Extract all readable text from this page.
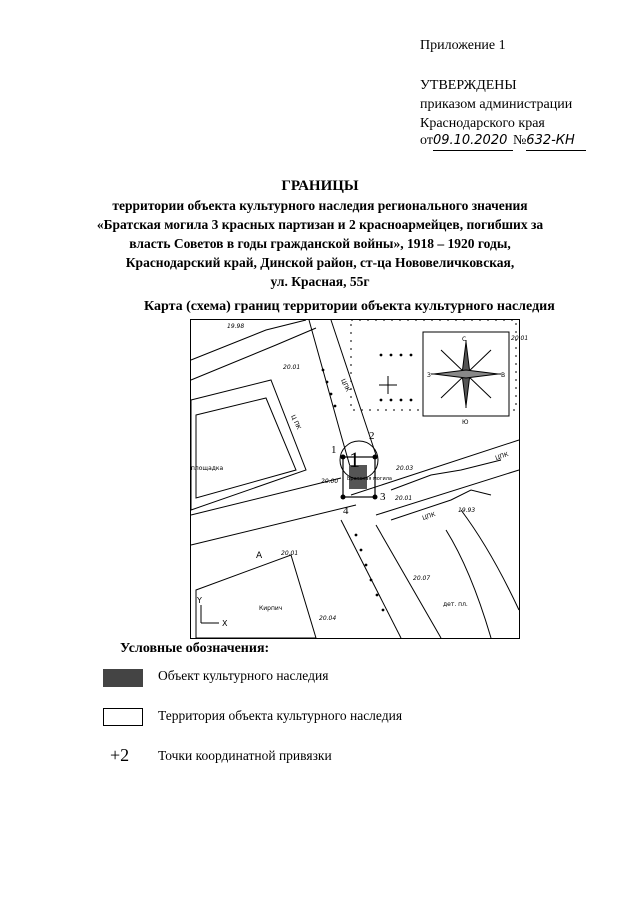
Приложение 1
УТВЕРЖДЕНЫ
приказом администрации
Краснодарского края
от09.10.2020 №632-КН
ГРАНИЦЫ
территории объекта культурного наследия регионального значения
«Братская могила 3 красных партизан и 2 красноармейцев, погибших за
власть Советов в годы гражданской войны», 1918 – 1920 годы,
Краснодарский край, Динской район, ст-ца Нововеличковская,
ул. Красная, 55г
Карта (схема) границ территории объекта культурного наследия
Ю
С
З	В
1
Братская могила
1
2
3
4
19.98
20.01
20.00
20.03
20.01
19.93
20.01
20.07
20.04
20.01
площадка
А
дет. пл.
Кирпич
ЦПК
Ц ПК
ЦПК
ЦПК
Y
X
Условные обозначения:
Объект культурного наследия
Территория объекта культурного наследия
+2 Точки координатной привязки
